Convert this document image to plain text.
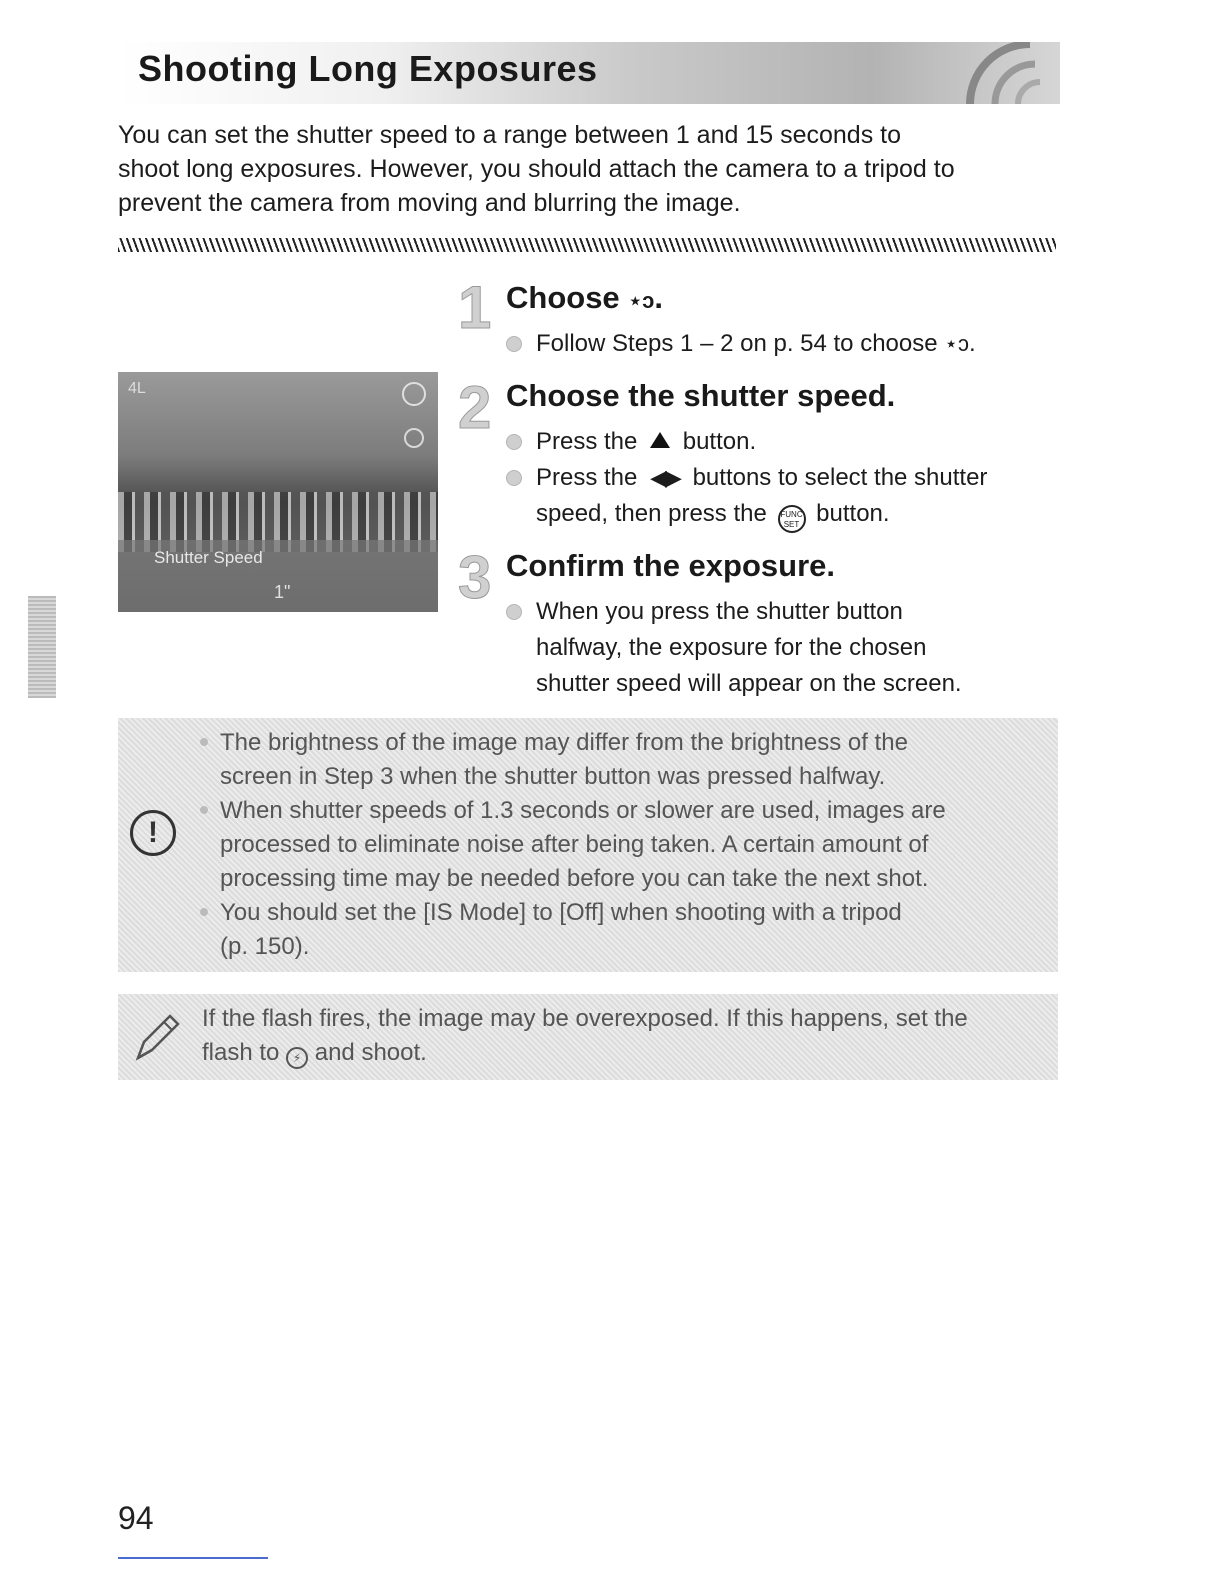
Shooting Long Exposures
You can set the shutter speed to a range between 1 and 15 seconds to
shoot long exposures. However, you should attach the camera to a tripod to
prevent the camera from moving and blurring the image.
4L
Shutter Speed
1"
1 Choose ⋆ↄ.
Follow Steps 1 – 2 on p. 54 to choose ⋆ↄ.
2 Choose the shutter speed.
Press the button.
Press the ◀▶ buttons to select the shutter
speed, then press the FUNC
SET button.
3 Confirm the exposure.
When you press the shutter button
halfway, the exposure for the chosen
shutter speed will appear on the screen.
!
The brightness of the image may differ from the brightness of the
screen in Step 3 when the shutter button was pressed halfway.
When shutter speeds of 1.3 seconds or slower are used, images are
processed to eliminate noise after being taken. A certain amount of
processing time may be needed before you can take the next shot.
You should set the [IS Mode] to [Off] when shooting with a tripod
(p. 150).
If the flash fires, the image may be overexposed. If this happens, set the
flash to ⚡ and shoot.
94
